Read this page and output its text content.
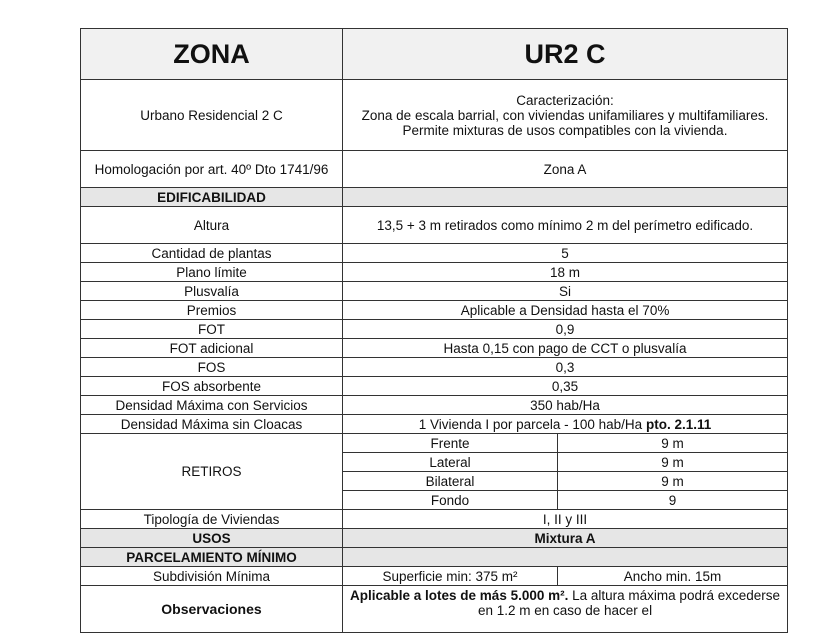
ZONA	UR2 C	
Urbano Residencial 2 C	Caracterización:
Zona de escala barrial, con viviendas unifamiliares y multifamiliares. Permite mixturas de usos compatibles con la vivienda.	

Homologación por art. 40º Dto 1741/96	Zona A	
EDIFICABILIDAD		
Altura	13,5 + 3 m retirados como mínimo 2 m del perímetro edificado.	
Cantidad de plantas	5	
Plano límite	18 m	
Plusvalía	Si	
Premios	Aplicable a Densidad hasta el 70%	
FOT	0,9	
FOT adicional	Hasta 0,15 con pago de CCT o plusvalía	
FOS	0,3	
FOS absorbente	0,35	
Densidad Máxima con Servicios	350 hab/Ha	
Densidad Máxima sin Cloacas	1 Vivienda I por parcela - 100 hab/Ha pto. 2.1.11	
RETIROS	Frente	9 m
	Lateral	9 m
	Bilateral	9 m
	Fondo	9
Tipología de Viviendas	I, II y III	
USOS	Mixtura A	
PARCELAMIENTO MÍNIMO		
Subdivisión Mínima	Superficie min: 375 m²	Ancho min. 15m
Observaciones	Aplicable a lotes de más 5.000 m². La altura máxima podrá excederse en 1.2 m en caso de hacer el	
